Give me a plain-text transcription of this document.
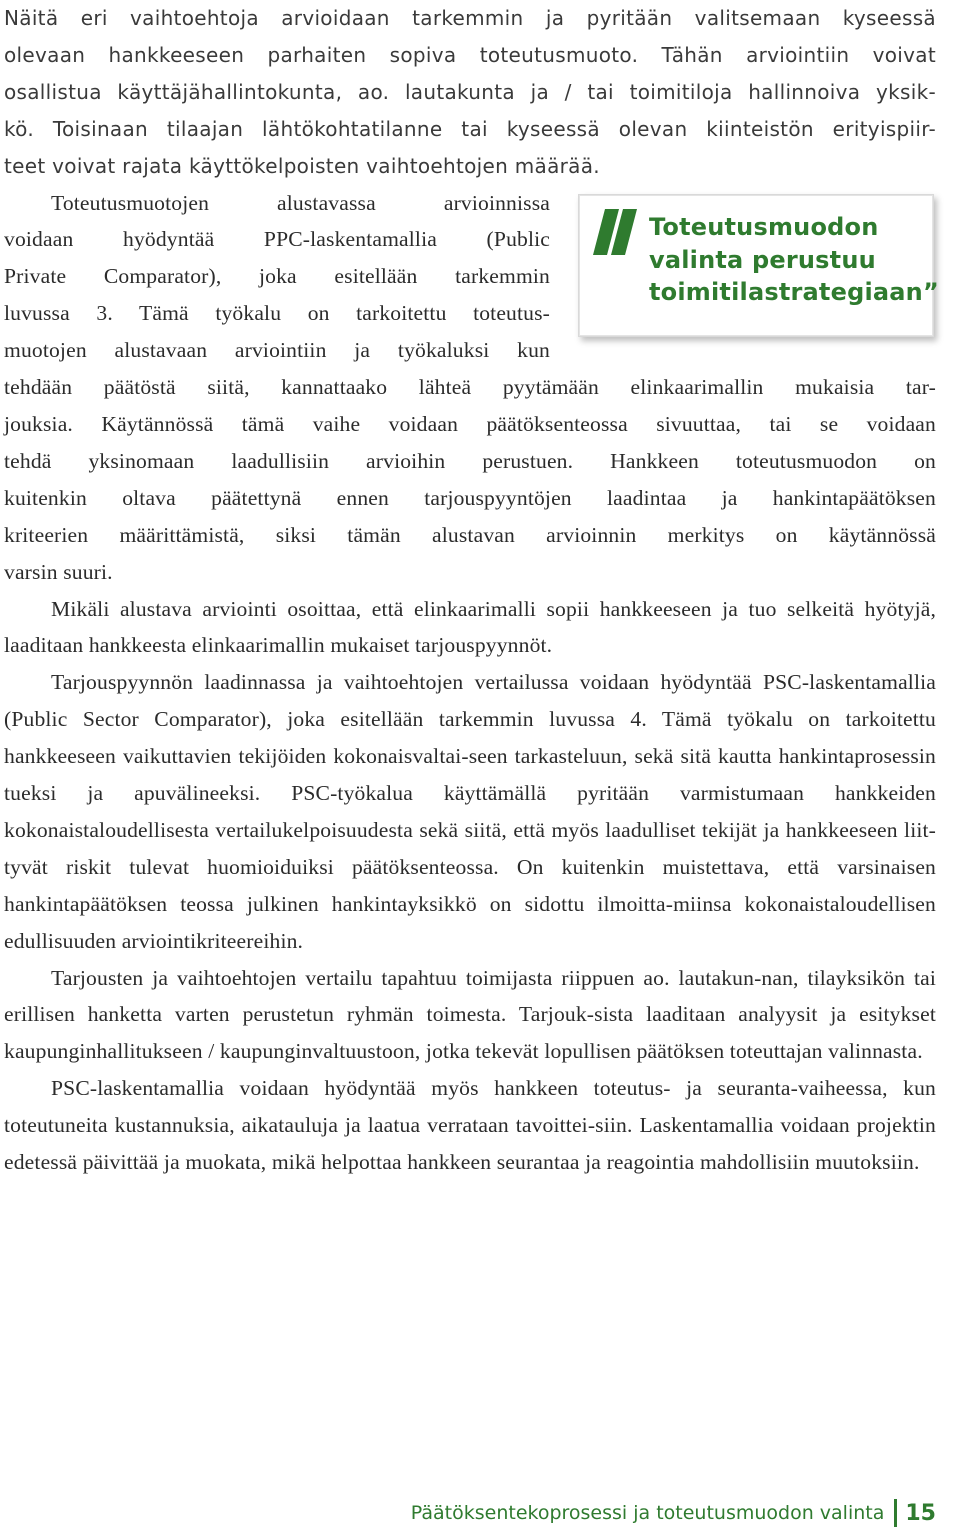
Näitä eri vaihtoehtoja arvioidaan tarkemmin ja pyritään valitsemaan kyseessä
olevaan hankkeeseen parhaiten sopiva toteutusmuoto. Tähän arviointiin voivat
osallistua käyttäjähallintokunta, ao. lautakunta ja / tai toimitiloja hallinnoiva yksik-
kö. Toisinaan tilaajan lähtökohtatilanne tai kyseessä olevan kiinteistön erityispiir-
teet voivat rajata käyttökelpoisten vaihtoehtojen määrää.
Toteutusmuotojen alustavassa arvioinnissa
voidaan hyödyntää PPC-laskentamallia (Public
Private Comparator), joka esitellään tarkemmin
luvussa 3. Tämä työkalu on tarkoitettu toteutus-
muotojen alustavaan arviointiin ja työkaluksi kun
tehdään päätöstä siitä, kannattaako lähteä pyytämään elinkaarimallin mukaisia tar-
jouksia. Käytännössä tämä vaihe voidaan päätöksenteossa sivuuttaa, tai se voidaan
tehdä yksinomaan laadullisiin arvioihin perustuen. Hankkeen toteutusmuodon on
kuitenkin oltava päätettynä ennen tarjouspyyntöjen laadintaa ja hankintapäätöksen
kriteerien määrittämistä, siksi tämän alustavan arvioinnin merkitys on käytännössä
varsin suuri.

Mikäli alustava arviointi osoittaa, että elinkaarimalli sopii hankkeeseen ja tuo selkeitä hyötyjä, laaditaan hankkeesta elinkaarimallin mukaiset tarjouspyynnöt.

Tarjouspyynnön laadinnassa ja vaihtoehtojen vertailussa voidaan hyödyntää PSC-laskentamallia (Public Sector Comparator), joka esitellään tarkemmin luvussa 4. Tämä työkalu on tarkoitettu hankkeeseen vaikuttavien tekijöiden kokonaisvaltai-seen tarkasteluun, sekä sitä kautta hankintaprosessin tueksi ja apuvälineeksi. PSC-työkalua käyttämällä pyritään varmistumaan hankkeiden kokonaistaloudellisesta vertailukelpoisuudesta sekä siitä, että myös laadulliset tekijät ja hankkeeseen liit-tyvät riskit tulevat huomioiduiksi päätöksenteossa. On kuitenkin muistettava, että varsinaisen hankintapäätöksen teossa julkinen hankintayksikkö on sidottu ilmoitta-miinsa kokonaistaloudellisen edullisuuden arviointikriteereihin.

Tarjousten ja vaihtoehtojen vertailu tapahtuu toimijasta riippuen ao. lautakun-nan, tilayksikön tai erillisen hanketta varten perustetun ryhmän toimesta. Tarjouk-sista laaditaan analyysit ja esitykset kaupunginhallitukseen / kaupunginvaltuustoon, jotka tekevät lopullisen päätöksen toteuttajan valinnasta.

PSC-laskentamallia voidaan hyödyntää myös hankkeen toteutus- ja seuranta-vaiheessa, kun toteutuneita kustannuksia, aikatauluja ja laatua verrataan tavoittei-siin. Laskentamallia voidaan projektin edetessä päivittää ja muokata, mikä helpottaa hankkeen seurantaa ja reagointia mahdollisiin muutoksiin.

Toteutusmuodon
valinta perustuu
toimitilastrategiaan”
Päätöksentekoprosessi ja toteutusmuodon valinta 15
